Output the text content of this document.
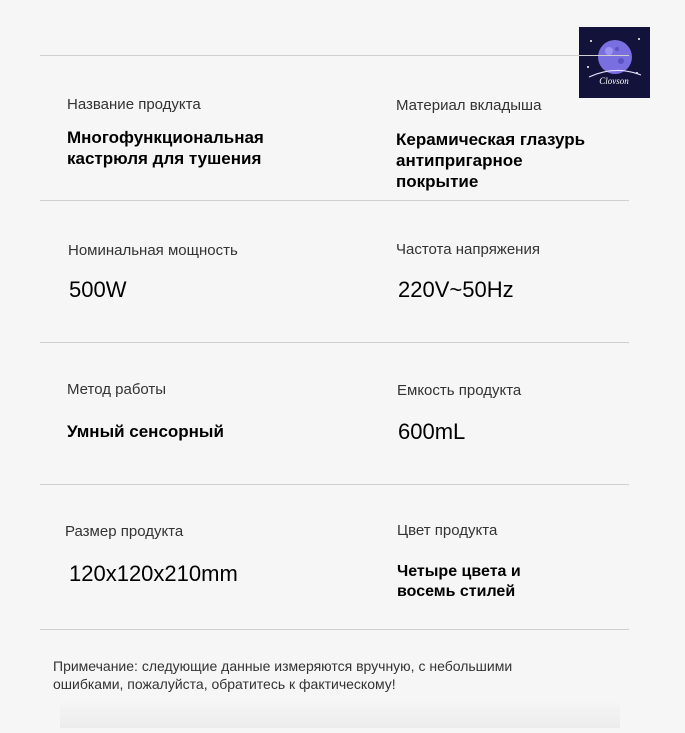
Clovson
Название продукта
Многофункциональная
кастрюля для тушения
Материал вкладыша
Керамическая глазурь
антипригарное
покрытие
Номинальная мощность
500W
Частота напряжения
220V~50Hz
Метод работы
Умный сенсорный
Емкость продукта
600mL
Размер продукта
120x120x210mm
Цвет продукта
Четыре цвета и
восемь стилей
Примечание: следующие данные измеряются вручную, с небольшими
ошибками, пожалуйста, обратитесь к фактическому!
